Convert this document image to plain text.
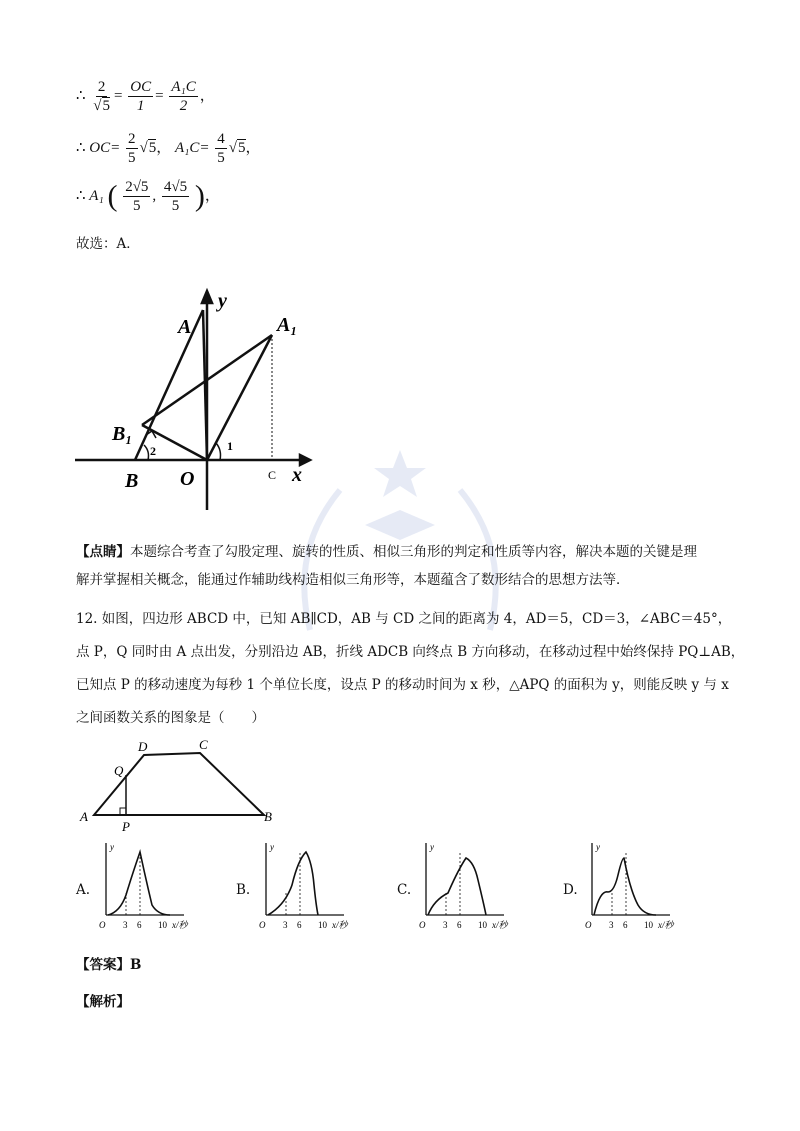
∴ $\frac{2}{√5} = \frac{OC}{1} = \frac{\text{A₁C}}{2}$ ，
∴ $OC= \frac{2}{5} √5$， $A_1C= \frac{4}{5} √5$，
∴ A₁ ( $\frac{2√5}{5}$ , $\frac{4√5}{5}$ )，
故选：A．
y
x
A	A₁
B₁
B O	C
1
2
【点睛】本题综合考查了勾股定理、旋转的性质、相似三角形的判定和性质等内容，解决本题的关键是理
解并掌握相关概念，能通过作辅助线构造相似三角形等，本题蕴含了数形结合的思想方法等．
12. 如图，四边形 ABCD 中，已知 AB∥CD，AB 与 CD 之间的距离为 4，AD＝5，CD＝3，∠ABC＝45°，
点 P，Q 同时由 A 点出发，分别沿边 AB，折线 ADCB 向终点 B 方向移动，在移动过程中始终保持 PQ⊥AB，
已知点 P 的移动速度为每秒 1 个单位长度，设点 P 的移动时间为 x 秒，△APQ 的面积为 y，则能反映 y 与 x
之间函数关系的图象是（　　）
A	B
C
D
P
Q
A.	B.	C.	D.
y
O 3 6 10 x/秒
y
O 3 6 10 x/秒
y
O 3 6 10 x/秒
y
O 3 6 10 x/秒
【答案】B
【解析】
